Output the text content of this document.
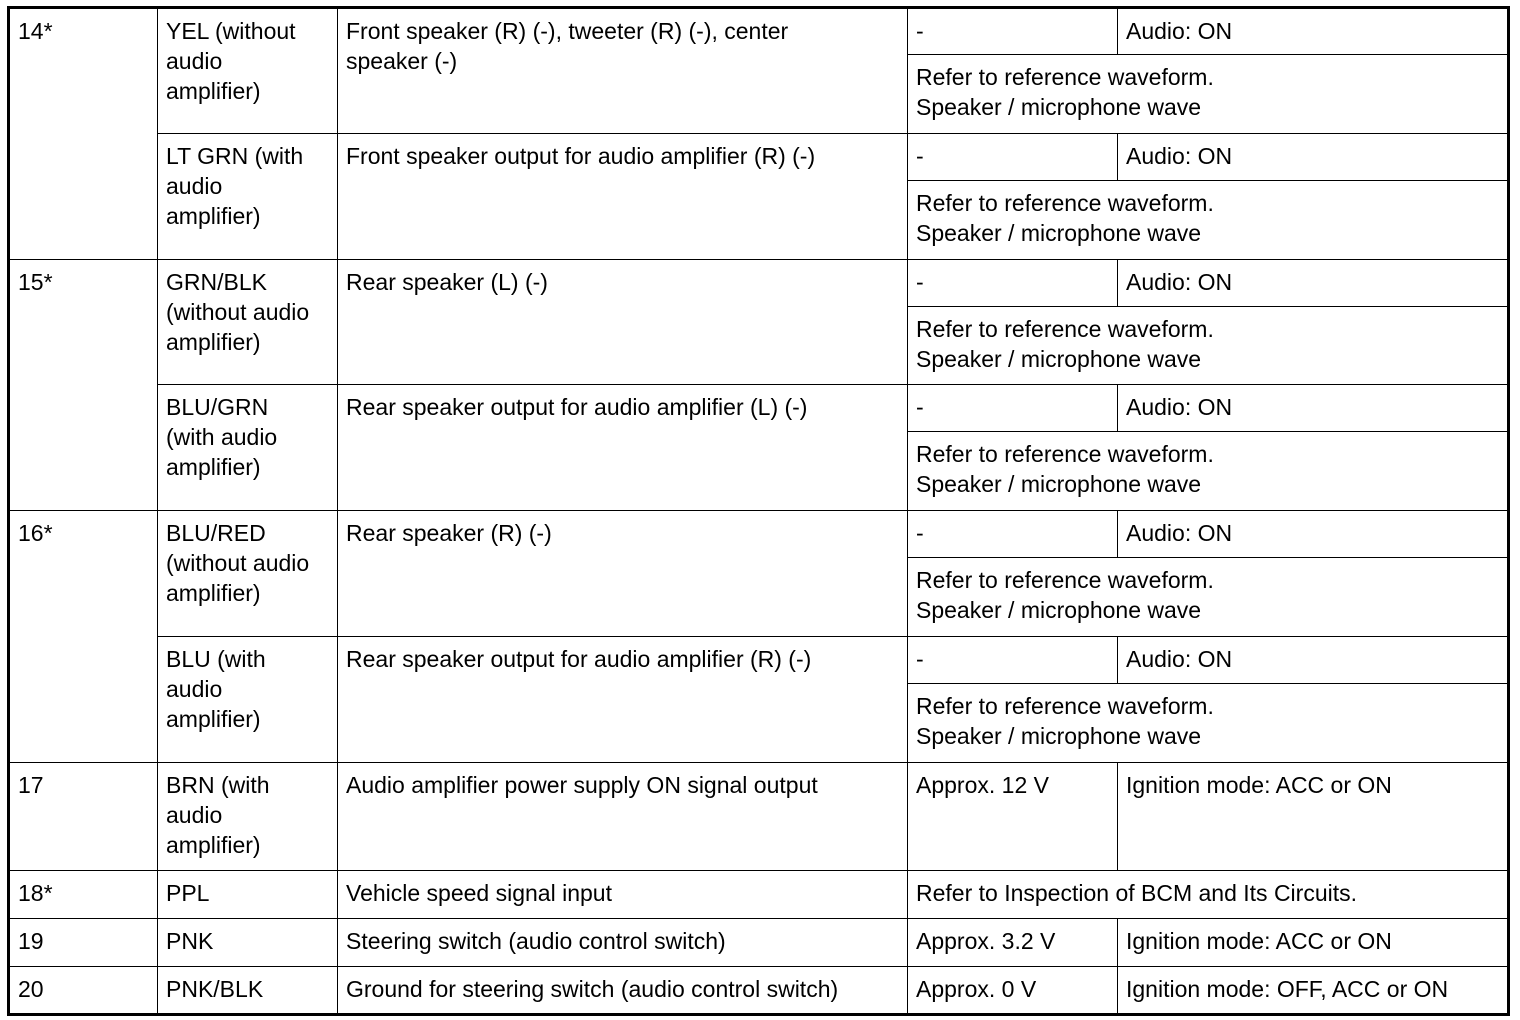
14*	YEL (without
audio
amplifier)	Front speaker (R) (-), tweeter (R) (-), center
speaker (-)	-	Audio: ON
			Refer to reference waveform.
Speaker / microphone wave	
	LT GRN (with
audio
amplifier)	Front speaker output for audio amplifier (R) (-)	-	Audio: ON
			Refer to reference waveform.
Speaker / microphone wave	
15*	GRN/BLK
(without audio
amplifier)	Rear speaker (L) (-)	-	Audio: ON
			Refer to reference waveform.
Speaker / microphone wave	
	BLU/GRN
(with audio
amplifier)	Rear speaker output for audio amplifier (L) (-)	-	Audio: ON
			Refer to reference waveform.
Speaker / microphone wave	
16*	BLU/RED
(without audio
amplifier)	Rear speaker (R) (-)	-	Audio: ON
			Refer to reference waveform.
Speaker / microphone wave	
	BLU (with
audio
amplifier)	Rear speaker output for audio amplifier (R) (-)	-	Audio: ON
			Refer to reference waveform.
Speaker / microphone wave	
17	BRN (with
audio
amplifier)	Audio amplifier power supply ON signal output	Approx. 12 V	Ignition mode: ACC or ON
18*	PPL	Vehicle speed signal input	Refer to Inspection of BCM and Its Circuits.	
19	PNK	Steering switch (audio control switch)	Approx. 3.2 V	Ignition mode: ACC or ON
20	PNK/BLK	Ground for steering switch (audio control switch)	Approx. 0 V	Ignition mode: OFF, ACC or ON
